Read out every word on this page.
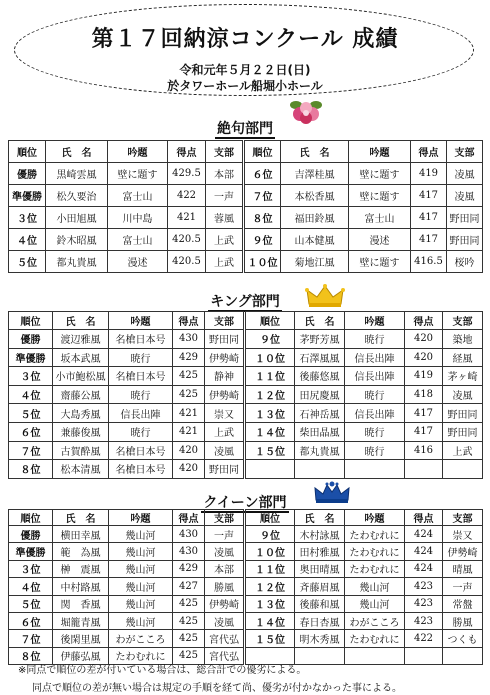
第１７回納涼コンクール 成績
令和元年５月２２日(日)
於タワーホール船堀小ホール
絶句部門
順位	氏　名	吟題	得点	支部	順位	氏　名	吟題	得点	支部
優勝	黒崎雲風	壁に題す	429.5	本部	６位	吉澤桂風	壁に題す	419	凌風
準優勝	松久要治	富士山	422	一声	７位	本松香風	壁に題す	417	凌風
３位	小田旭風	川中島	421	蓉風	８位	福田鈴風	富士山	417	野田同
４位	鈴木昭風	富士山	420.5	上武	９位	山本健風	漫述	417	野田同
５位	都丸貴風	漫述	420.5	上武	１０位	菊地江風	壁に題す	416.5	桜吟
キング部門
順位	氏　名	吟題	得点	支部	順位	氏　名	吟題	得点	支部
優勝	渡辺雅風	名槍日本号	430	野田同	９位	茅野芳風	暁行	420	築地
準優勝	坂本武風	暁行	429	伊勢崎	１０位	石澤風風	信長出陣	420	経風
３位	小市鮑松風	名槍日本号	425	静神	１１位	後藤悠風	信長出陣	419	茅ヶ崎
４位	齋藤公風	暁行	425	伊勢崎	１２位	田尻慶風	暁行	418	凌風
５位	大島秀風	信長出陣	421	崇又	１３位	石神岳風	信長出陣	417	野田同
６位	兼藤俊風	暁行	421	上武	１４位	柴田晶風	暁行	417	野田同
７位	古賀酔風	名槍日本号	420	凌風	１５位	都丸貴風	暁行	416	上武
８位	松本清風	名槍日本号	420	野田同					
クイーン部門
順位	氏　名	吟題	得点	支部	順位	氏　名	吟題	得点	支部
優勝	横田幸風	幾山河	430	一声	９位	木村詠風	たわむれに	424	崇又
準優勝	範　為風	幾山河	430	凌風	１０位	田村雅風	たわむれに	424	伊勢崎
３位	榊　震風	幾山河	429	本部	１１位	奥田晴風	たわむれに	424	晴風
４位	中村路風	幾山河	427	勝風	１２位	斉藤眉風	幾山河	423	一声
５位	関　香風	幾山河	425	伊勢崎	１３位	後藤和風	幾山河	423	常盤
６位	堀籠青風	幾山河	425	凌風	１４位	春日杏風	わがこころ	423	勝風
７位	後閑里風	わがこころ	425	宮代弘	１５位	明木秀風	たわむれに	422	つくも
８位	伊藤弘風	たわむれに	425	宮代弘					
※同点で順位の差が付いている場合は、総合計での優劣による。
同点で順位の差が無い場合は規定の手順を経て尚、優劣が付かなかった事による。
